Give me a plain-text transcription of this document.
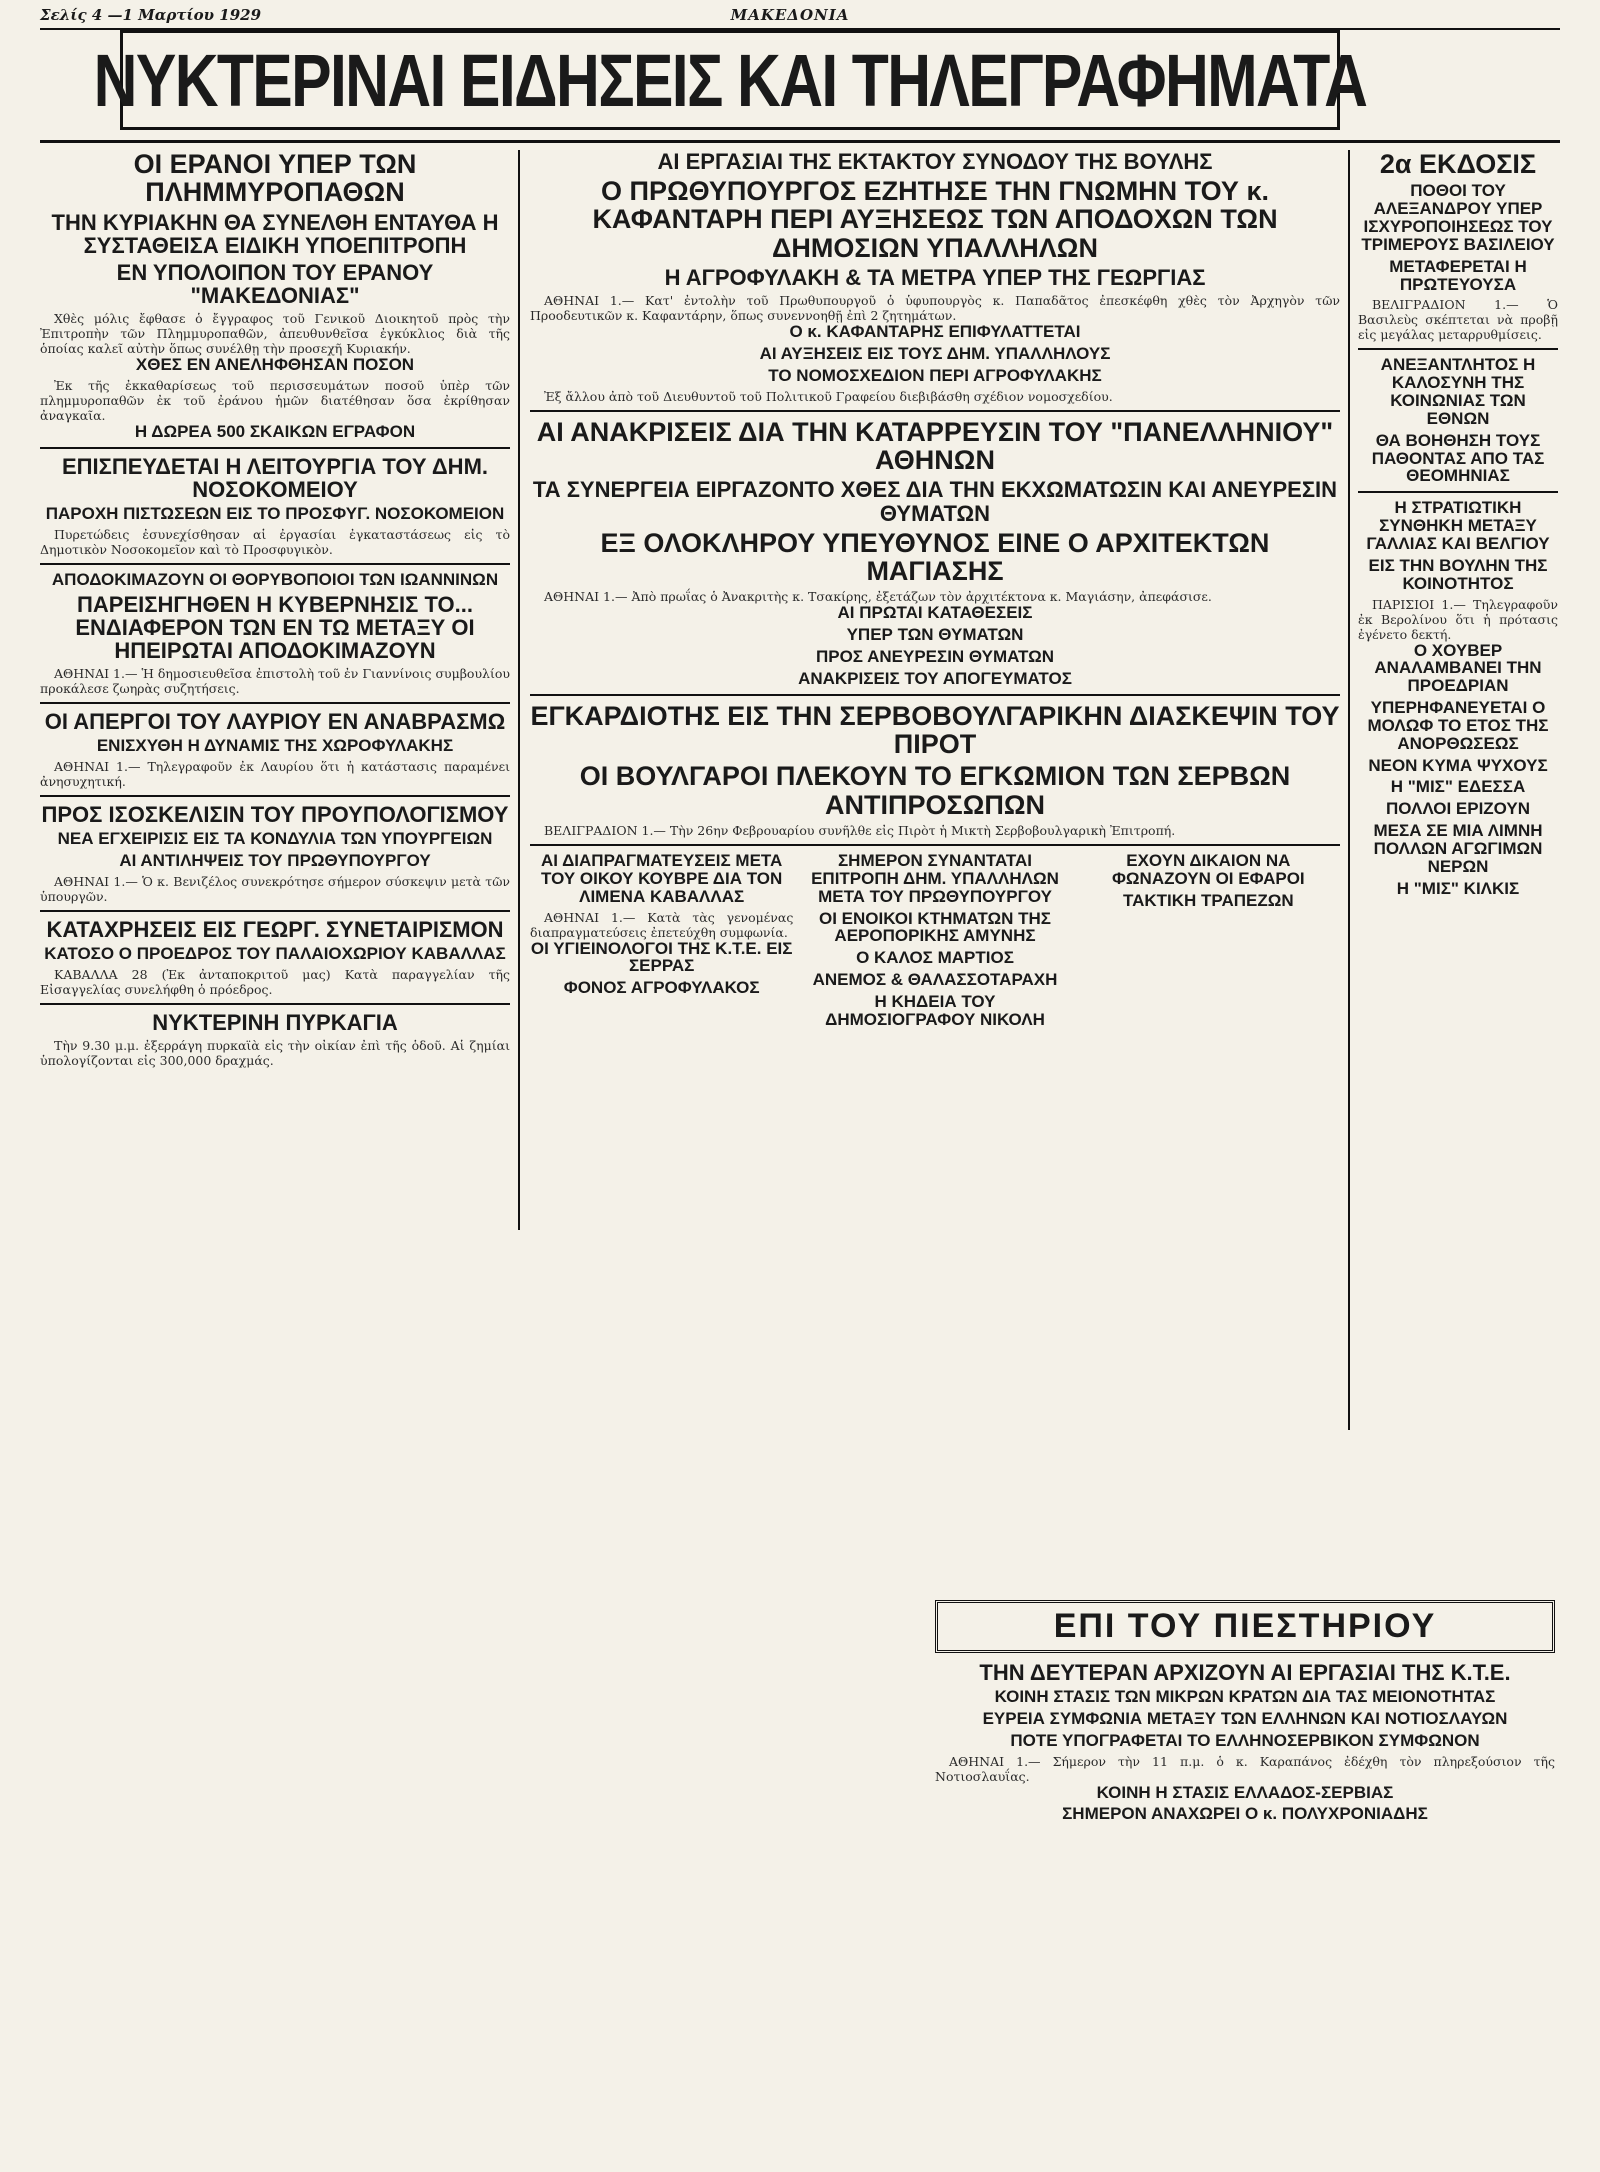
Σελίς 4 —1 Μαρτίου 1929	ΜΑΚΕΔΟΝΙΑ
ΝΥΚΤΕΡΙΝΑΙ ΕΙΔΗΣΕΙΣ ΚΑΙ ΤΗΛΕΓΡΑΦΗΜΑΤΑ
ΟΙ ΕΡΑΝΟΙ ΥΠΕΡ ΤΩΝ ΠΛΗΜΜΥΡΟΠΑΘΩΝ
ΤΗΝ ΚΥΡΙΑΚΗΝ ΘΑ ΣΥΝΕΛΘΗ ΕΝΤΑΥΘΑ Η ΣΥΣΤΑΘΕΙΣΑ ΕΙΔΙΚΗ ΥΠΟΕΠΙΤΡΟΠΗ
ΕΝ ΥΠΟΛΟΙΠΟΝ ΤΟΥ ΕΡΑΝΟΥ "ΜΑΚΕΔΟΝΙΑΣ"

Χθὲς μόλις ἔφθασε ὁ ἔγγραφος τοῦ Γενικοῦ Διοικητοῦ πρὸς τὴν Ἐπιτροπὴν τῶν Πλημμυροπαθῶν, ἀπευθυνθεῖσα ἐγκύκλιος διὰ τῆς ὁποίας καλεῖ αὐτὴν ὅπως συνέλθῃ τὴν προσεχῆ Κυριακήν.

ΧΘΕΣ ΕΝ ΑΝΕΛΗΦΘΗΣΑΝ ΠΟΣΟΝ

Ἐκ τῆς ἐκκαθαρίσεως τοῦ περισσευμάτων ποσοῦ ὑπὲρ τῶν πλημμυροπαθῶν ἐκ τοῦ ἐράνου ἡμῶν διατέθησαν ὅσα ἐκρίθησαν ἀναγκαῖα.

Η ΔΩΡΕΑ 500 ΣΚΑΙΚΩΝ ΕΓΡΑΦΟΝ
ΕΠΙΣΠΕΥΔΕΤΑΙ Η ΛΕΙΤΟΥΡΓΙΑ ΤΟΥ ΔΗΜ. ΝΟΣΟΚΟΜΕΙΟΥ
ΠΑΡΟΧΗ ΠΙΣΤΩΣΕΩΝ ΕΙΣ ΤΟ ΠΡΟΣΦΥΓ. ΝΟΣΟΚΟΜΕΙΟΝ

Πυρετώδεις ἐσυνεχίσθησαν αἱ ἐργασίαι ἐγκαταστάσεως εἰς τὸ Δημοτικὸν Νοσοκομεῖον καὶ τὸ Προσφυγικὸν.

ΑΠΟΔΟΚΙΜΑΖΟΥΝ ΟΙ ΘΟΡΥΒΟΠΟΙΟΙ ΤΩΝ ΙΩΑΝΝΙΝΩΝ
ΠΑΡΕΙΣΗΓΗΘΕΝ Η ΚΥΒΕΡΝΗΣΙΣ ΤΟ... ΕΝΔΙΑΦΕΡΟΝ ΤΩΝ ΕΝ ΤΩ ΜΕΤΑΞΥ ΟΙ ΗΠΕΙΡΩΤΑΙ ΑΠΟΔΟΚΙΜΑΖΟΥΝ

ΑΘΗΝΑΙ 1.— Ἡ δημοσιευθεῖσα ἐπιστολὴ τοῦ ἐν Γιαννίνοις συμβουλίου προκάλεσε ζωηρὰς συζητήσεις.

ΟΙ ΑΠΕΡΓΟΙ ΤΟΥ ΛΑΥΡΙΟΥ ΕΝ ΑΝΑΒΡΑΣΜΩ
ΕΝΙΣΧΥΘΗ Η ΔΥΝΑΜΙΣ ΤΗΣ ΧΩΡΟΦΥΛΑΚΗΣ

ΑΘΗΝΑΙ 1.— Τηλεγραφοῦν ἐκ Λαυρίου ὅτι ἡ κατάστασις παραμένει ἀνησυχητική.

ΠΡΟΣ ΙΣΟΣΚΕΛΙΣΙΝ ΤΟΥ ΠΡΟΥΠΟΛΟΓΙΣΜΟΥ
ΝΕΑ ΕΓΧΕΙΡΙΣΙΣ ΕΙΣ ΤΑ ΚΟΝΔΥΛΙΑ ΤΩΝ ΥΠΟΥΡΓΕΙΩΝ
ΑΙ ΑΝΤΙΛΗΨΕΙΣ ΤΟΥ ΠΡΩΘΥΠΟΥΡΓΟΥ

ΑΘΗΝΑΙ 1.— Ὁ κ. Βενιζέλος συνεκρότησε σήμερον σύσκεψιν μετὰ τῶν ὑπουργῶν.

ΚΑΤΑΧΡΗΣΕΙΣ ΕΙΣ ΓΕΩΡΓ. ΣΥΝΕΤΑΙΡΙΣΜΟΝ
ΚΑΤΟΣΟ Ο ΠΡΟΕΔΡΟΣ ΤΟΥ ΠΑΛΑΙΟΧΩΡΙΟΥ ΚΑΒΑΛΛΑΣ

ΚΑΒΑΛΛΑ 28 (Ἐκ ἀνταποκριτοῦ μας) Κατὰ παραγγελίαν τῆς Εἰσαγγελίας συνελήφθη ὁ πρόεδρος.

ΝΥΚΤΕΡΙΝΗ ΠΥΡΚΑΓΙΑ

Τὴν 9.30 μ.μ. ἐξερράγη πυρκαϊὰ εἰς τὴν οἰκίαν ἐπὶ τῆς ὁδοῦ. Αἱ ζημίαι ὑπολογίζονται εἰς 300,000 δραχμάς.

ΑΙ ΕΡΓΑΣΙΑΙ ΤΗΣ ΕΚΤΑΚΤΟΥ ΣΥΝΟΔΟΥ ΤΗΣ ΒΟΥΛΗΣ
Ο ΠΡΩΘΥΠΟΥΡΓΟΣ ΕΖΗΤΗΣΕ ΤΗΝ ΓΝΩΜΗΝ ΤΟΥ κ. ΚΑΦΑΝΤΑΡΗ ΠΕΡΙ ΑΥΞΗΣΕΩΣ ΤΩΝ ΑΠΟΔΟΧΩΝ ΤΩΝ ΔΗΜΟΣΙΩΝ ΥΠΑΛΛΗΛΩΝ
Η ΑΓΡΟΦΥΛΑΚΗ & ΤΑ ΜΕΤΡΑ ΥΠΕΡ ΤΗΣ ΓΕΩΡΓΙΑΣ

ΑΘΗΝΑΙ 1.— Κατ' ἐντολὴν τοῦ Πρωθυπουργοῦ ὁ ὑφυπουργὸς κ. Παπαδᾶτος ἐπεσκέφθη χθὲς τὸν Ἀρχηγὸν τῶν Προοδευτικῶν κ. Καφαντάρην, ὅπως συνεννοηθῇ ἐπὶ 2 ζητημάτων.

Ο κ. ΚΑΦΑΝΤΑΡΗΣ ΕΠΙΦΥΛΑΤΤΕΤΑΙ
ΑΙ ΑΥΞΗΣΕΙΣ ΕΙΣ ΤΟΥΣ ΔΗΜ. ΥΠΑΛΛΗΛΟΥΣ
ΤΟ ΝΟΜΟΣΧΕΔΙΟΝ ΠΕΡΙ ΑΓΡΟΦΥΛΑΚΗΣ

Ἐξ ἄλλου ἀπὸ τοῦ Διευθυντοῦ τοῦ Πολιτικοῦ Γραφείου διεβιβάσθη σχέδιον νομοσχεδίου.

ΑΙ ΑΝΑΚΡΙΣΕΙΣ ΔΙΑ ΤΗΝ ΚΑΤΑΡΡΕΥΣΙΝ ΤΟΥ "ΠΑΝΕΛΛΗΝΙΟΥ" ΑΘΗΝΩΝ
ΤΑ ΣΥΝΕΡΓΕΙΑ ΕΙΡΓΑΖΟΝΤΟ ΧΘΕΣ ΔΙΑ ΤΗΝ ΕΚΧΩΜΑΤΩΣΙΝ ΚΑΙ ΑΝΕΥΡΕΣΙΝ ΘΥΜΑΤΩΝ
ΕΞ ΟΛΟΚΛΗΡΟΥ ΥΠΕΥΘΥΝΟΣ ΕΙΝΕ Ο ΑΡΧΙΤΕΚΤΩΝ ΜΑΓΙΑΣΗΣ

ΑΘΗΝΑΙ 1.— Ἀπὸ πρωΐας ὁ Ἀνακριτὴς κ. Τσακίρης, ἐξετάζων τὸν ἀρχιτέκτονα κ. Μαγιάσην, ἀπεφάσισε.

ΑΙ ΠΡΩΤΑΙ ΚΑΤΑΘΕΣΕΙΣ
ΥΠΕΡ ΤΩΝ ΘΥΜΑΤΩΝ
ΠΡΟΣ ΑΝΕΥΡΕΣΙΝ ΘΥΜΑΤΩΝ
ΑΝΑΚΡΙΣΕΙΣ ΤΟΥ ΑΠΟΓΕΥΜΑΤΟΣ
ΕΓΚΑΡΔΙΟΤΗΣ ΕΙΣ ΤΗΝ ΣΕΡΒΟΒΟΥΛΓΑΡΙΚΗΝ ΔΙΑΣΚΕΨΙΝ ΤΟΥ ΠΙΡΟΤ
ΟΙ ΒΟΥΛΓΑΡΟΙ ΠΛΕΚΟΥΝ ΤΟ ΕΓΚΩΜΙΟΝ ΤΩΝ ΣΕΡΒΩΝ ΑΝΤΙΠΡΟΣΩΠΩΝ

ΒΕΛΙΓΡΑΔΙΟΝ 1.— Τὴν 26ην Φεβρουαρίου συνῆλθε εἰς Πιρὸτ ἡ Μικτὴ Σερβοβουλγαρικὴ Ἐπιτροπή.

ΑΙ ΔΙΑΠΡΑΓΜΑΤΕΥΣΕΙΣ ΜΕΤΑ ΤΟΥ ΟΙΚΟΥ ΚΟΥΒΡΕ ΔΙΑ ΤΟΝ ΛΙΜΕΝΑ ΚΑΒΑΛΛΑΣ

ΑΘΗΝΑΙ 1.— Κατὰ τὰς γενομένας διαπραγματεύσεις ἐπετεύχθη συμφωνία.

ΟΙ ΥΓΙΕΙΝΟΛΟΓΟΙ ΤΗΣ Κ.Τ.Ε. ΕΙΣ ΣΕΡΡΑΣ
ΦΟΝΟΣ ΑΓΡΟΦΥΛΑΚΟΣ
ΣΗΜΕΡΟΝ ΣΥΝΑΝΤΑΤΑΙ ΕΠΙΤΡΟΠΗ ΔΗΜ. ΥΠΑΛΛΗΛΩΝ ΜΕΤΑ ΤΟΥ ΠΡΩΘΥΠΟΥΡΓΟΥ
ΟΙ ΕΝΟΙΚΟΙ ΚΤΗΜΑΤΩΝ ΤΗΣ ΑΕΡΟΠΟΡΙΚΗΣ ΑΜΥΝΗΣ
Ο ΚΑΛΟΣ ΜΑΡΤΙΟΣ
ΑΝΕΜΟΣ & ΘΑΛΑΣΣΟΤΑΡΑΧΗ
Η ΚΗΔΕΙΑ ΤΟΥ ΔΗΜΟΣΙΟΓΡΑΦΟΥ ΝΙΚΟΛΗ
ΕΧΟΥΝ ΔΙΚΑΙΟΝ ΝΑ ΦΩΝΑΖΟΥΝ ΟΙ ΕΦΑΡΟΙ
ΤΑΚΤΙΚΗ ΤΡΑΠΕΖΩΝ
2α ΕΚΔΟΣΙΣ
ΠΟΘΟΙ ΤΟΥ ΑΛΕΞΑΝΔΡΟΥ ΥΠΕΡ ΙΣΧΥΡΟΠΟΙΗΣΕΩΣ ΤΟΥ ΤΡΙΜΕΡΟΥΣ ΒΑΣΙΛΕΙΟΥ
ΜΕΤΑΦΕΡΕΤΑΙ Η ΠΡΩΤΕΥΟΥΣΑ

ΒΕΛΙΓΡΑΔΙΟΝ 1.— Ὁ Βασιλεὺς σκέπτεται νὰ προβῇ εἰς μεγάλας μεταρρυθμίσεις.

ΑΝΕΞΑΝΤΛΗΤΟΣ Η ΚΑΛΟΣΥΝΗ ΤΗΣ ΚΟΙΝΩΝΙΑΣ ΤΩΝ ΕΘΝΩΝ
ΘΑ ΒΟΗΘΗΣΗ ΤΟΥΣ ΠΑΘΟΝΤΑΣ ΑΠΟ ΤΑΣ ΘΕΟΜΗΝΙΑΣ
Η ΣΤΡΑΤΙΩΤΙΚΗ ΣΥΝΘΗΚΗ ΜΕΤΑΞΥ ΓΑΛΛΙΑΣ ΚΑΙ ΒΕΛΓΙΟΥ
ΕΙΣ ΤΗΝ ΒΟΥΛΗΝ ΤΗΣ ΚΟΙΝΟΤΗΤΟΣ

ΠΑΡΙΣΙΟΙ 1.— Τηλεγραφοῦν ἐκ Βερολίνου ὅτι ἡ πρότασις ἐγένετο δεκτή.

Ο ΧΟΥΒΕΡ ΑΝΑΛΑΜΒΑΝΕΙ ΤΗΝ ΠΡΟΕΔΡΙΑΝ
ΥΠΕΡΗΦΑΝΕΥΕΤΑΙ Ο ΜΟΛΩΦ ΤΟ ΕΤΟΣ ΤΗΣ ΑΝΟΡΘΩΣΕΩΣ
ΝΕΟΝ ΚΥΜΑ ΨΥΧΟΥΣ
Η "ΜΙΣ" ΕΔΕΣΣΑ
ΠΟΛΛΟΙ ΕΡΙΖΟΥΝ
ΜΕΣΑ ΣΕ ΜΙΑ ΛΙΜΝΗ ΠΟΛΛΩΝ ΑΓΩΓΙΜΩΝ ΝΕΡΩΝ
Η "ΜΙΣ" ΚΙΛΚΙΣ
ΕΠΙ ΤΟΥ ΠΙΕΣΤΗΡΙΟΥ
ΤΗΝ ΔΕΥΤΕΡΑΝ ΑΡΧΙΖΟΥΝ ΑΙ ΕΡΓΑΣΙΑΙ ΤΗΣ Κ.Τ.Ε.
ΚΟΙΝΗ ΣΤΑΣΙΣ ΤΩΝ ΜΙΚΡΩΝ ΚΡΑΤΩΝ ΔΙΑ ΤΑΣ ΜΕΙΟΝΟΤΗΤΑΣ
ΕΥΡΕΙΑ ΣΥΜΦΩΝΙΑ ΜΕΤΑΞΥ ΤΩΝ ΕΛΛΗΝΩΝ ΚΑΙ ΝΟΤΙΟΣΛΑΥΩΝ
ΠΟΤΕ ΥΠΟΓΡΑΦΕΤΑΙ ΤΟ ΕΛΛΗΝΟΣΕΡΒΙΚΟΝ ΣΥΜΦΩΝΟΝ

ΑΘΗΝΑΙ 1.— Σήμερον τὴν 11 π.μ. ὁ κ. Καραπάνος ἐδέχθη τὸν πληρεξούσιον τῆς Νοτιοσλαυΐας.

ΚΟΙΝΗ Η ΣΤΑΣΙΣ ΕΛΛΑΔΟΣ-ΣΕΡΒΙΑΣ
ΣΗΜΕΡΟΝ ΑΝΑΧΩΡΕΙ Ο κ. ΠΟΛΥΧΡΟΝΙΑΔΗΣ
